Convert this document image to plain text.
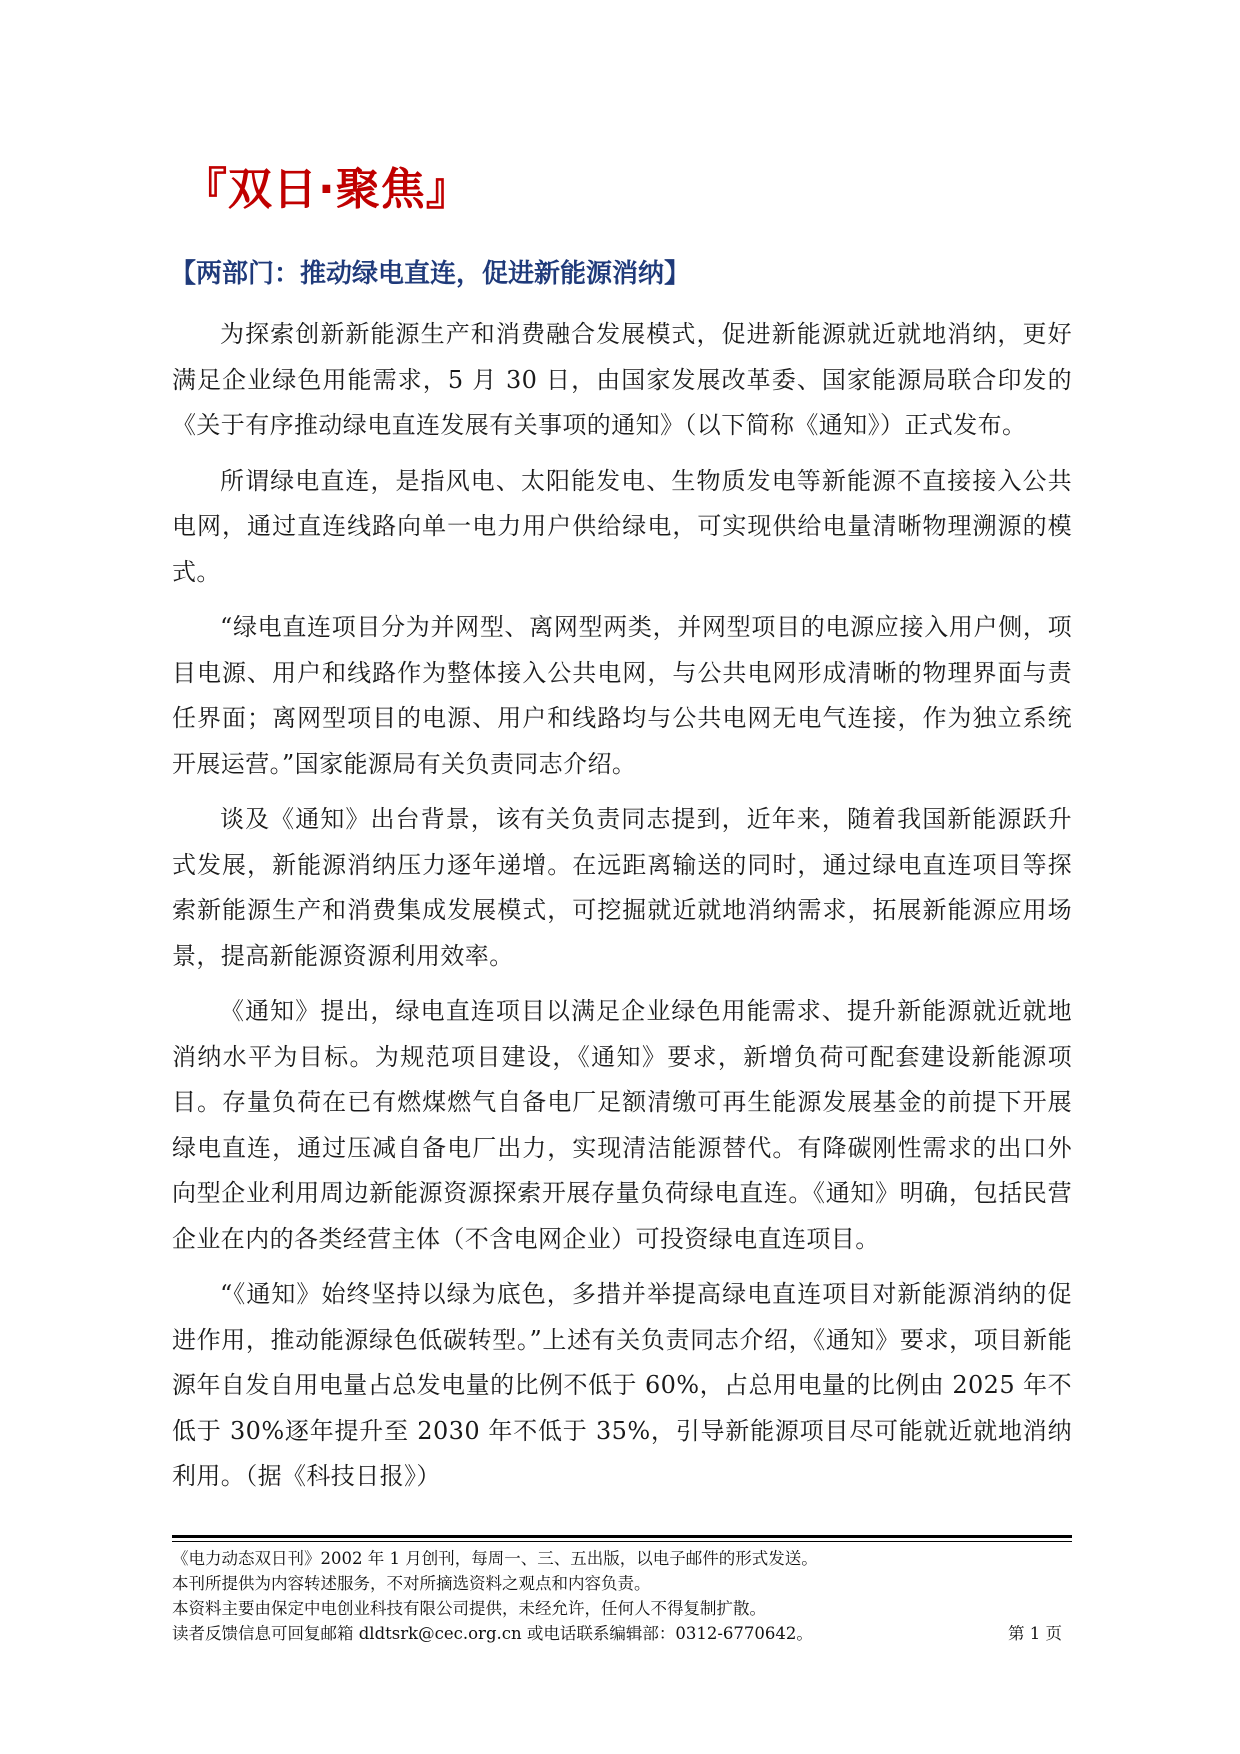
『双日·聚焦』
【两部门：推动绿电直连，促进新能源消纳】

为探索创新新能源生产和消费融合发展模式，促进新能源就近就地消纳，更好满足企业绿色用能需求，5 月 30 日，由国家发展改革委、国家能源局联合印发的《关于有序推动绿电直连发展有关事项的通知》（以下简称《通知》）正式发布。

所谓绿电直连，是指风电、太阳能发电、生物质发电等新能源不直接接入公共电网，通过直连线路向单一电力用户供给绿电，可实现供给电量清晰物理溯源的模式。

“绿电直连项目分为并网型、离网型两类，并网型项目的电源应接入用户侧，项目电源、用户和线路作为整体接入公共电网，与公共电网形成清晰的物理界面与责任界面；离网型项目的电源、用户和线路均与公共电网无电气连接，作为独立系统开展运营。”国家能源局有关负责同志介绍。

谈及《通知》出台背景，该有关负责同志提到，近年来，随着我国新能源跃升式发展，新能源消纳压力逐年递增。在远距离输送的同时，通过绿电直连项目等探索新能源生产和消费集成发展模式，可挖掘就近就地消纳需求，拓展新能源应用场景，提高新能源资源利用效率。

《通知》提出，绿电直连项目以满足企业绿色用能需求、提升新能源就近就地消纳水平为目标。为规范项目建设，《通知》要求，新增负荷可配套建设新能源项目。存量负荷在已有燃煤燃气自备电厂足额清缴可再生能源发展基金的前提下开展绿电直连，通过压减自备电厂出力，实现清洁能源替代。有降碳刚性需求的出口外向型企业利用周边新能源资源探索开展存量负荷绿电直连。《通知》明确，包括民营企业在内的各类经营主体（不含电网企业）可投资绿电直连项目。

“《通知》始终坚持以绿为底色，多措并举提高绿电直连项目对新能源消纳的促进作用，推动能源绿色低碳转型。”上述有关负责同志介绍，《通知》要求，项目新能源年自发自用电量占总发电量的比例不低于 60%，占总用电量的比例由 2025 年不低于 30%逐年提升至 2030 年不低于 35%，引导新能源项目尽可能就近就地消纳利用。（据《科技日报》）

《电力动态双日刊》2002 年 1 月创刊，每周一、三、五出版，以电子邮件的形式发送。
本刊所提供为内容转述服务，不对所摘选资料之观点和内容负责。
本资料主要由保定中电创业科技有限公司提供，未经允许，任何人不得复制扩散。
读者反馈信息可回复邮箱 dldtsrk@cec.org.cn 或电话联系编辑部：0312-6770642。	第 1 页
